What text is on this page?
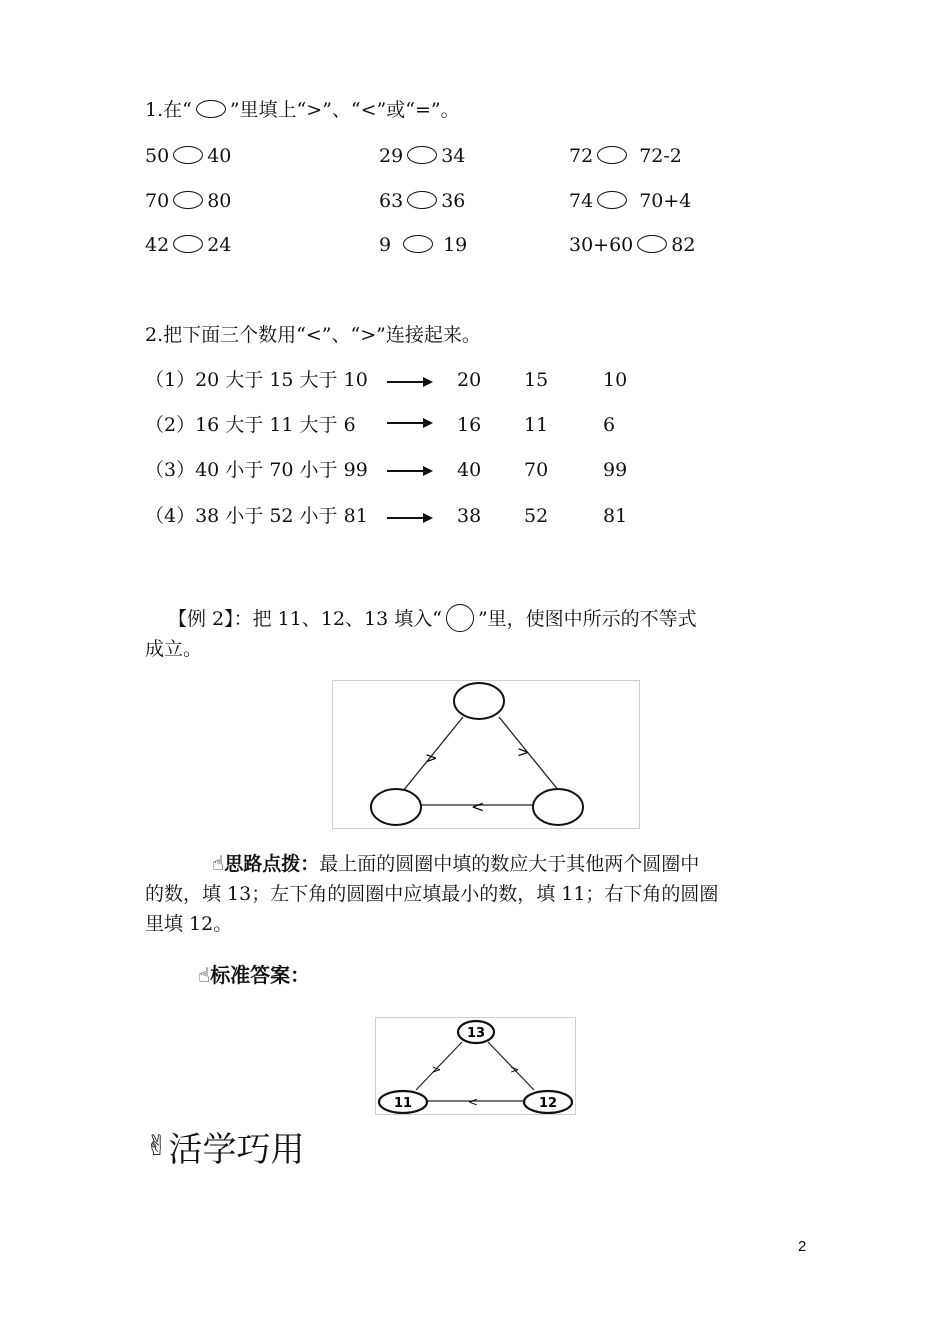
1.在“ ”里填上“>”、“<”或“=”。
50 40	29 34	72 72-2
70 80	63 36	74 70+4
42 24	9	19	30+60 82
2.把下面三个数用“<”、“>”连接起来。
（1）20 大于 15 大于 10	20 15	10
（2）16 大于 11 大于 6	16 11	6
（3）40 小于 70 小于 99	40 70	99
（4）38 小于 52 小于 81	38 52	81
【例 2】：把 11、12、13 填入“ ”里，使图中所示的不等式
成立。
>	>
<
☝思路点拨：最上面的圆圈中填的数应大于其他两个圆圈中
的数，填 13；左下角的圆圈中应填最小的数，填 11；右下角的圆圈
里填 12。
☝标准答案：
13
11	12
>	>
<
✌活学巧用
2
